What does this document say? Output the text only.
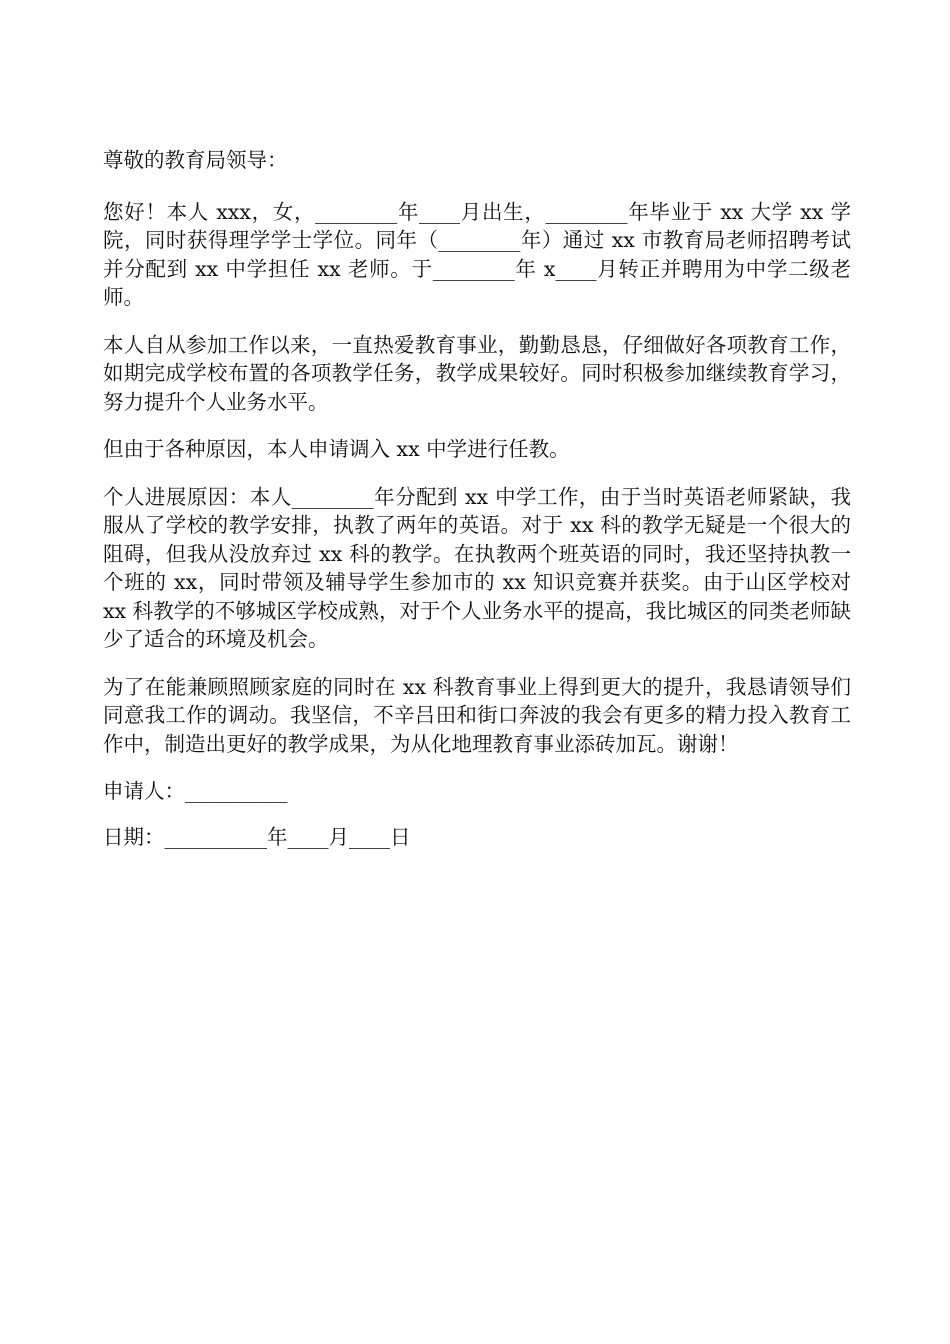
尊敬的教育局领导：

您好！本人 xxx，女，________年____月出生，________年毕业于 xx 大学 xx 学院，同时获得理学学士学位。同年（________年）通过 xx 市教育局老师招聘考试并分配到 xx 中学担任 xx 老师。于________年 x____月转正并聘用为中学二级老师。

本人自从参加工作以来，一直热爱教育事业，勤勤恳恳，仔细做好各项教育工作，如期完成学校布置的各项教学任务，教学成果较好。同时积极参加继续教育学习，努力提升个人业务水平。

但由于各种原因，本人申请调入 xx 中学进行任教。

个人进展原因：本人________年分配到 xx 中学工作，由于当时英语老师紧缺，我服从了学校的教学安排，执教了两年的英语。对于 xx 科的教学无疑是一个很大的阻碍，但我从没放弃过 xx 科的教学。在执教两个班英语的同时，我还坚持执教一个班的 xx，同时带领及辅导学生参加市的 xx 知识竞赛并获奖。由于山区学校对 xx 科教学的不够城区学校成熟，对于个人业务水平的提高，我比城区的同类老师缺少了适合的环境及机会。

为了在能兼顾照顾家庭的同时在 xx 科教育事业上得到更大的提升，我恳请领导们同意我工作的调动。我坚信，不辛吕田和街口奔波的我会有更多的精力投入教育工作中，制造出更好的教学成果，为从化地理教育事业添砖加瓦。谢谢！

申请人：__________

日期：__________年____月____日
